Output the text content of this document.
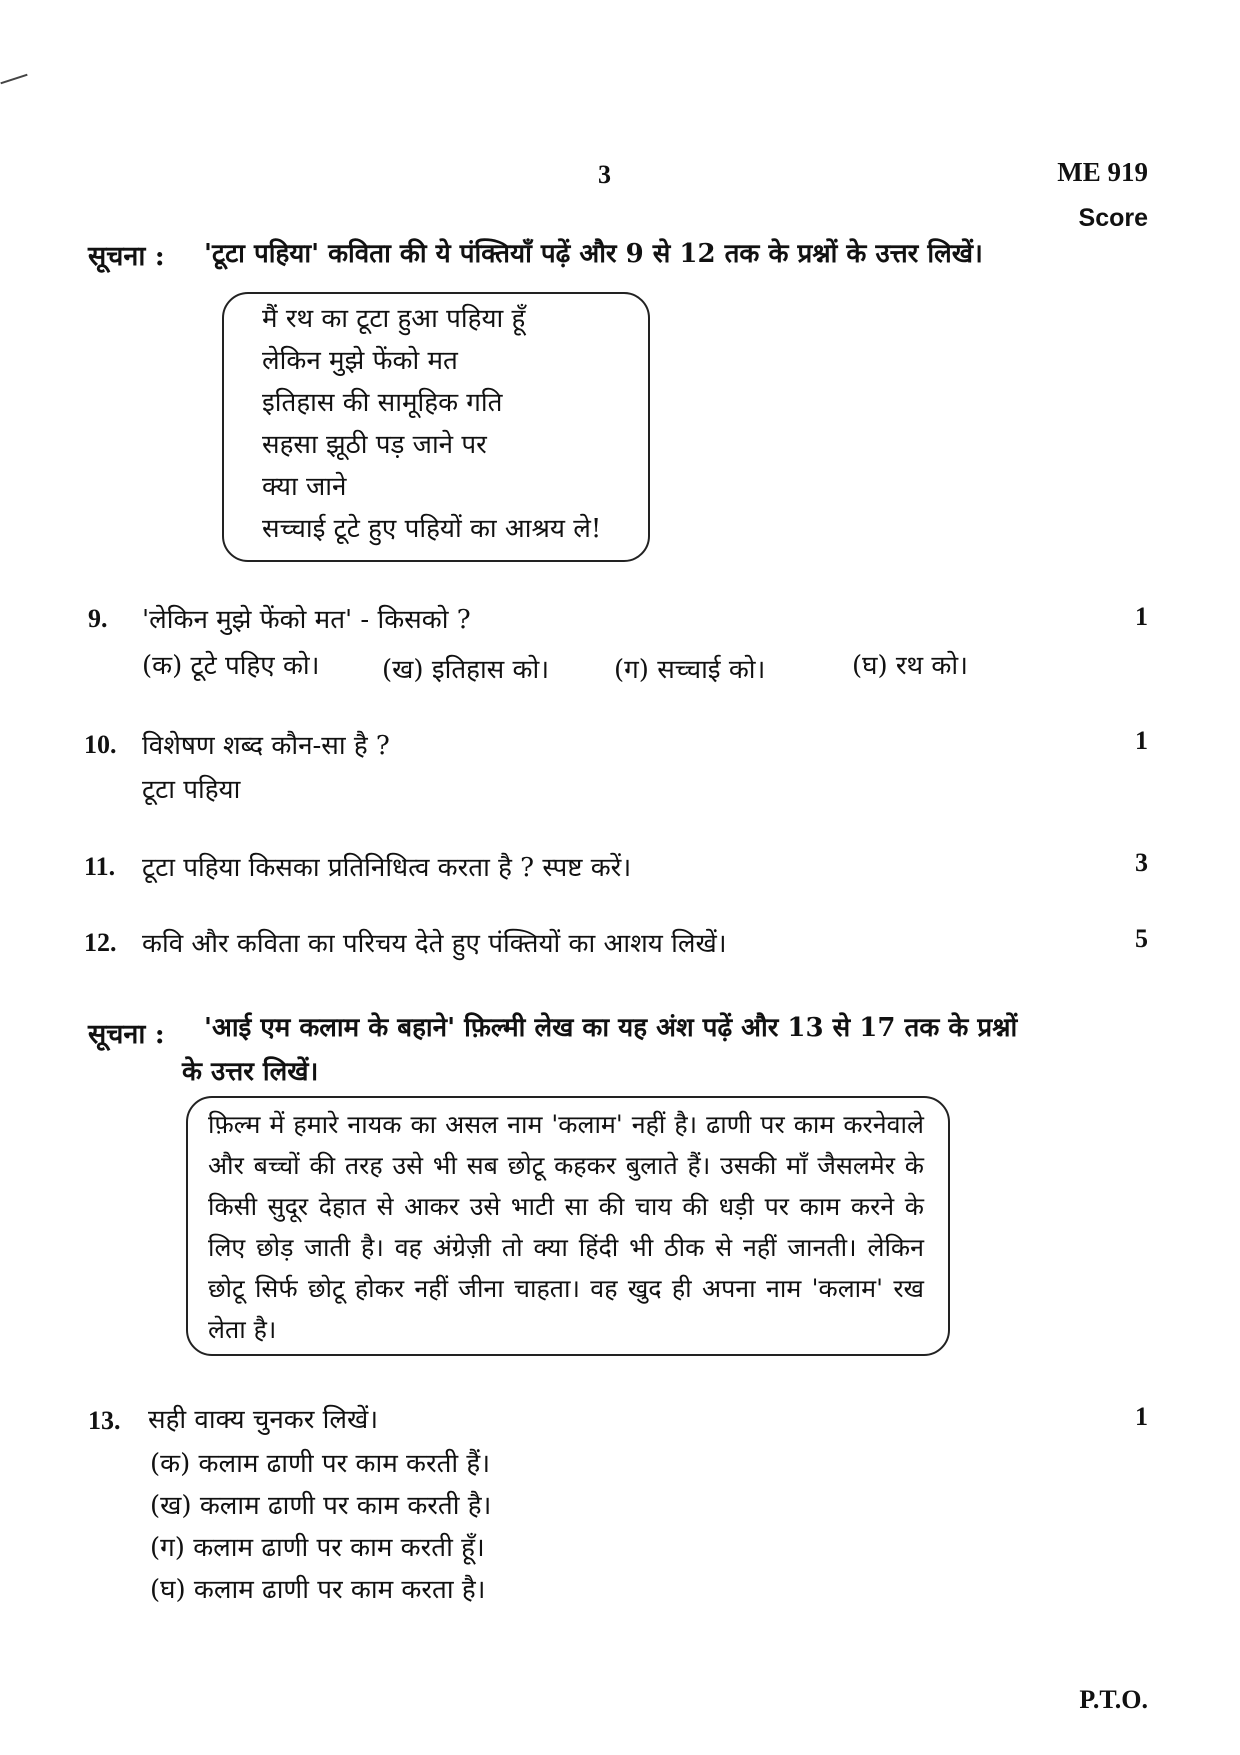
3	ME 919
Score
सूचना : 'टूटा पहिया' कविता की ये पंक्तियाँ पढ़ें और 9 से 12 तक के प्रश्नों के उत्तर लिखें।
मैं रथ का टूटा हुआ पहिया हूँ
लेकिन मुझे फेंको मत
इतिहास की सामूहिक गति
सहसा झूठी पड़ जाने पर
क्या जाने
सच्चाई टूटे हुए पहियों का आश्रय ले!
9. 'लेकिन मुझे फेंको मत' - किसको ?	1
(क) टूटे पहिए को। (ख) इतिहास को। (ग) सच्चाई को।	(घ) रथ को।
10. विशेषण शब्द कौन-सा है ?	1
टूटा पहिया
11. टूटा पहिया किसका प्रतिनिधित्व करता है ? स्पष्ट करें।	3
12. कवि और कविता का परिचय देते हुए पंक्तियों का आशय लिखें।	5
सूचना : 'आई एम कलाम के बहाने' फ़िल्मी लेख का यह अंश पढ़ें और 13 से 17 तक के प्रश्नों
के उत्तर लिखें।
फ़िल्म में हमारे नायक का असल नाम 'कलाम' नहीं है। ढाणी पर काम करनेवाले और बच्चों की तरह उसे भी सब छोटू कहकर बुलाते हैं। उसकी माँ जैसलमेर के किसी सुदूर देहात से आकर उसे भाटी सा की चाय की धड़ी पर काम करने के लिए छोड़ जाती है। वह अंग्रेज़ी तो क्या हिंदी भी ठीक से नहीं जानती। लेकिन छोटू सिर्फ छोटू होकर नहीं जीना चाहता। वह खुद ही अपना नाम 'कलाम' रख लेता है।
13. सही वाक्य चुनकर लिखें।	1
(क) कलाम ढाणी पर काम करती हैं।
(ख) कलाम ढाणी पर काम करती है।
(ग) कलाम ढाणी पर काम करती हूँ।
(घ) कलाम ढाणी पर काम करता है।
P.T.O.
